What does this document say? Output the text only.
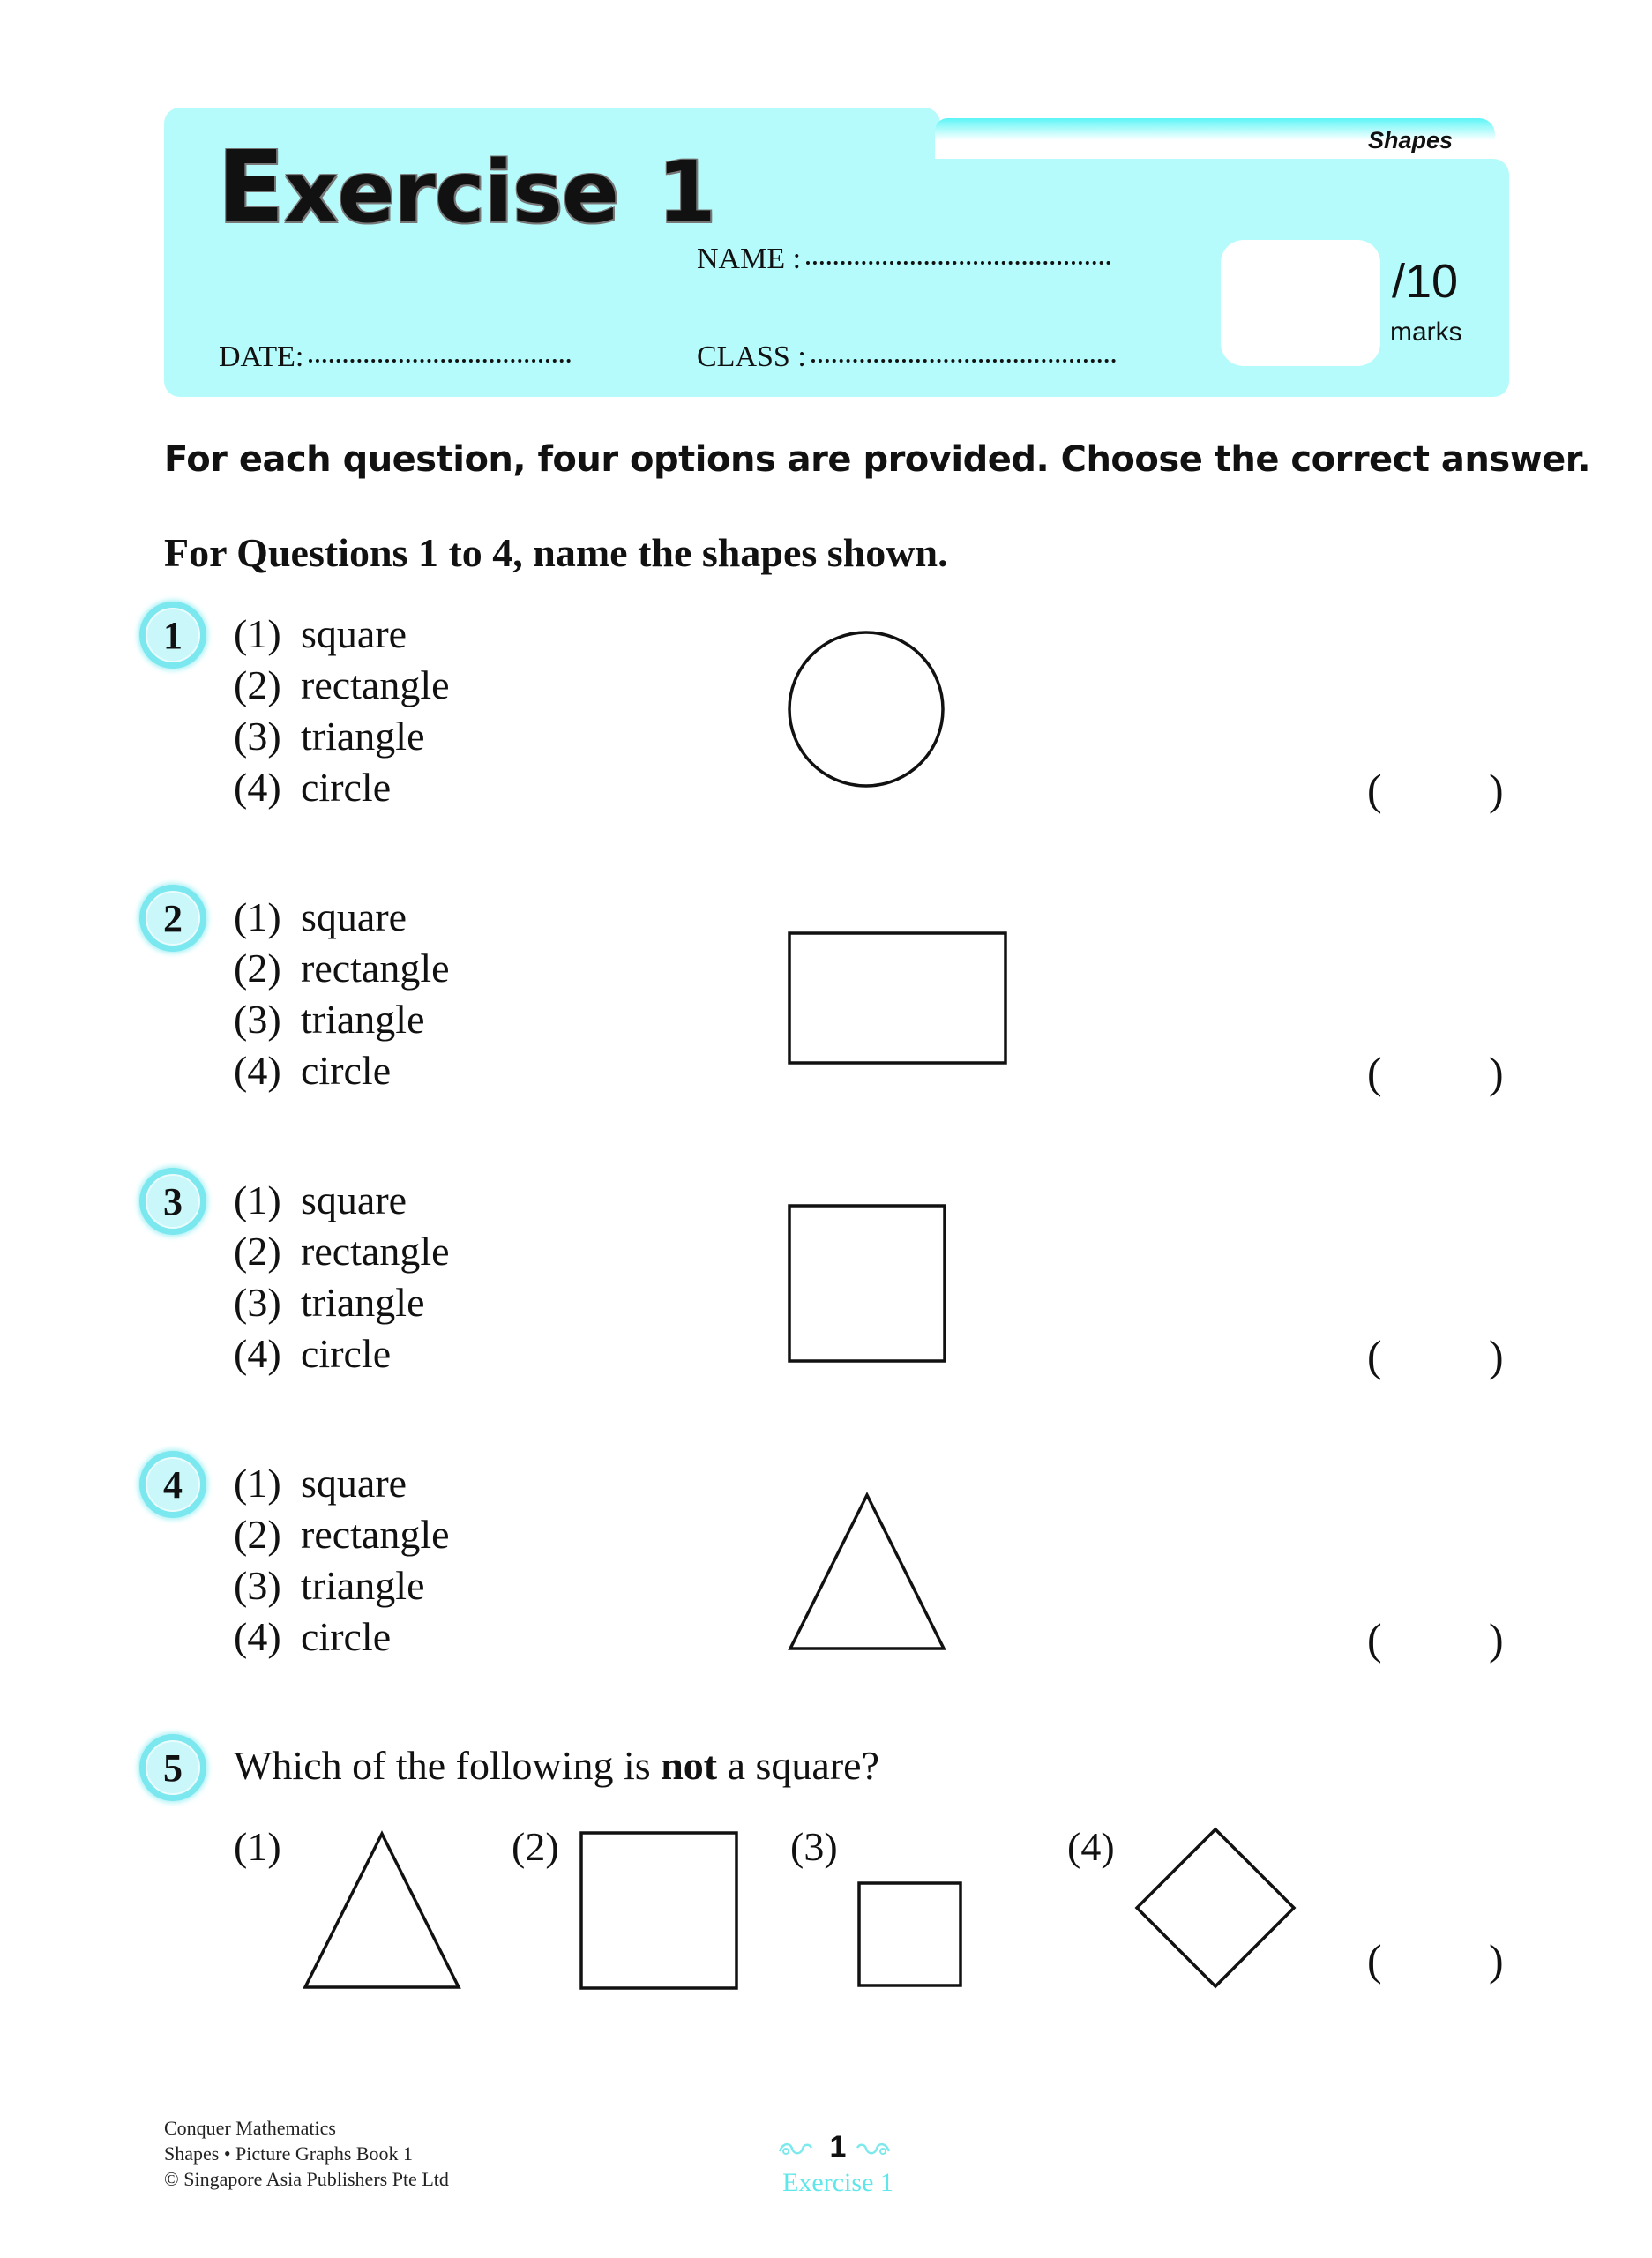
Shapes
Exercise 1
NAME :
CLASS :
DATE:
/10
marks
For each question, four options are provided. Choose the correct answer.
For Questions 1 to 4, name the shapes shown.
1	(1) square
(2) rectangle
(3) triangle
(4) circle	( )
2	(1) square
(2) rectangle
(3) triangle
(4) circle	( )
3	(1) square
(2) rectangle
(3) triangle
(4) circle	( )
4	(1) square
(2) rectangle
(3) triangle
(4) circle	( )
5	Which of the following is not a square?
(1)	(2)	(3)	(4)
( )
Conquer Mathematics
Shapes • Picture Graphs Book 1
© Singapore Asia Publishers Pte Ltd
1
Exercise 1
